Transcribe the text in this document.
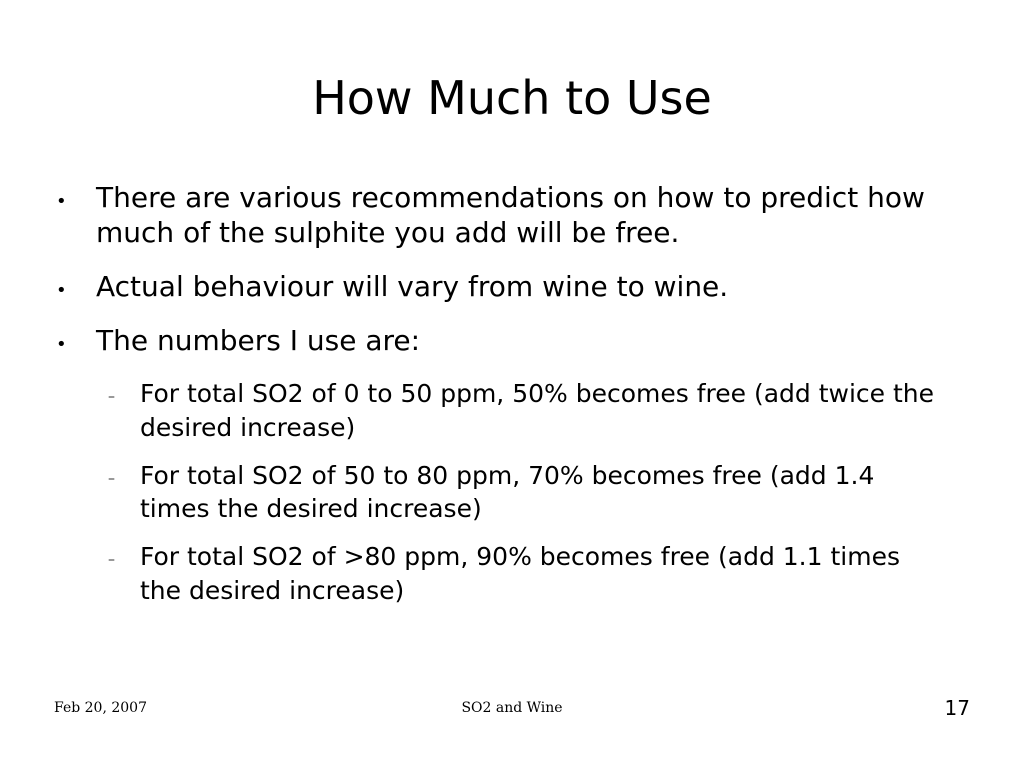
How Much to Use
•	There are various recommendations on how to predict how much of the sulphite you add will be free.
•	Actual behaviour will vary from wine to wine.
•	The numbers I use are:
–	For total SO2 of 0 to 50 ppm, 50% becomes free (add twice the desired increase)
–	For total SO2 of 50 to 80 ppm, 70% becomes free (add 1.4 times the desired increase)
–	For total SO2 of >80 ppm, 90% becomes free (add 1.1 times the desired increase)
Feb 20, 2007	SO2 and Wine	17
